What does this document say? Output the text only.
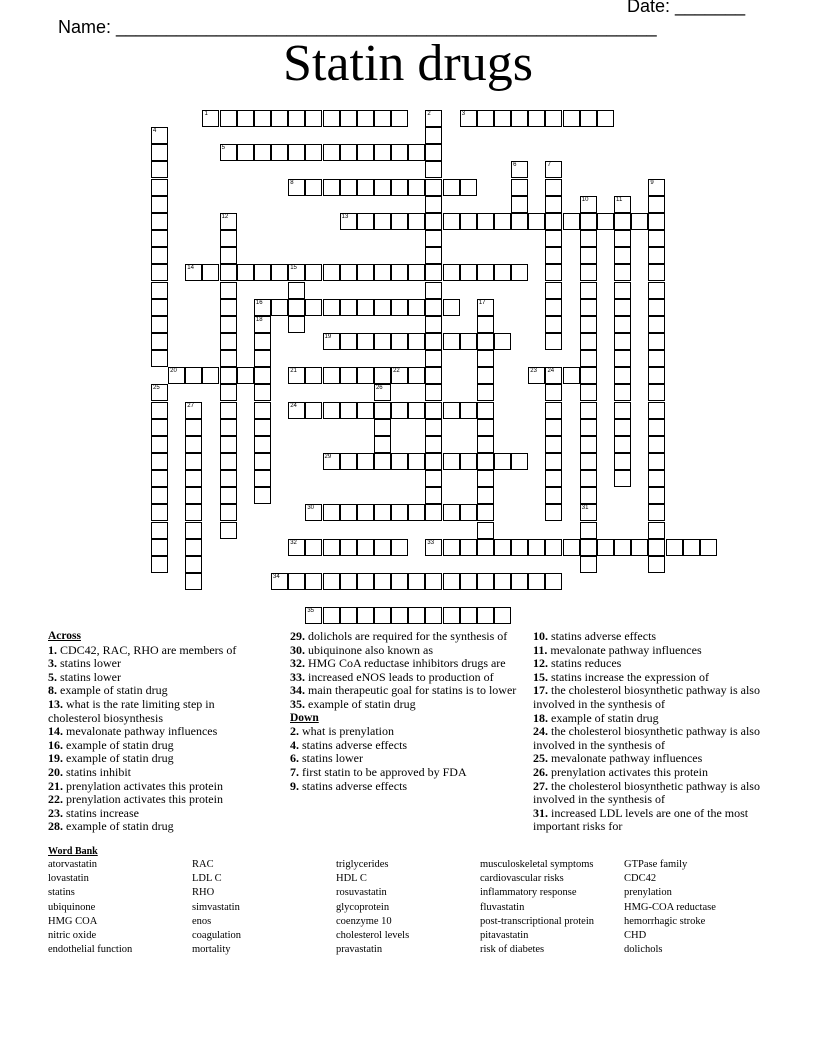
Name: ______________________________________________________

Date: _______

Statin drugs
1	3
5
8
13
14	15
16
19
20	21	22	23 24
24
29
30
32	33
34
35
2
4
6	7
9
10
31
11
12
17
18
25	26
27
Across
1. CDC42, RAC, RHO are members of
3. statins lower
5. statins lower
8. example of statin drug
13. what is the rate limiting step in cholesterol biosynthesis
14. mevalonate pathway influences
16. example of statin drug
19. example of statin drug
20. statins inhibit
21. prenylation activates this protein
22. prenylation activates this protein
23. statins increase
28. example of statin drug
29. dolichols are required for the synthesis of
30. ubiquinone also known as
32. HMG CoA reductase inhibitors drugs are
33. increased eNOS leads to production of
34. main therapeutic goal for statins is to lower
35. example of statin drug
Down
2. what is prenylation
4. statins adverse effects
6. statins lower
7. first statin to be approved by FDA
9. statins adverse effects
10. statins adverse effects
11. mevalonate pathway influences
12. statins reduces
15. statins increase the expression of
17. the cholesterol biosynthetic pathway is also involved in the synthesis of
18. example of statin drug
24. the cholesterol biosynthetic pathway is also involved in the synthesis of
25. mevalonate pathway influences
26. prenylation activates this protein
27. the cholesterol biosynthetic pathway is also involved in the synthesis of
31. increased LDL levels are one of the most important risks for
Word Bank
atorvastatin	RAC	triglycerides	musculoskeletal symptoms	GTPase family
lovastatin	LDL C	HDL C	cardiovascular risks	CDC42
statins	RHO	rosuvastatin	inflammatory response	prenylation
ubiquinone	simvastatin	glycoprotein	fluvastatin	HMG-COA reductase
HMG COA	enos	coenzyme 10	post-transcriptional protein	hemorrhagic stroke
nitric oxide	coagulation	cholesterol levels	pitavastatin	CHD
endothelial function	mortality	pravastatin	risk of diabetes	dolichols
